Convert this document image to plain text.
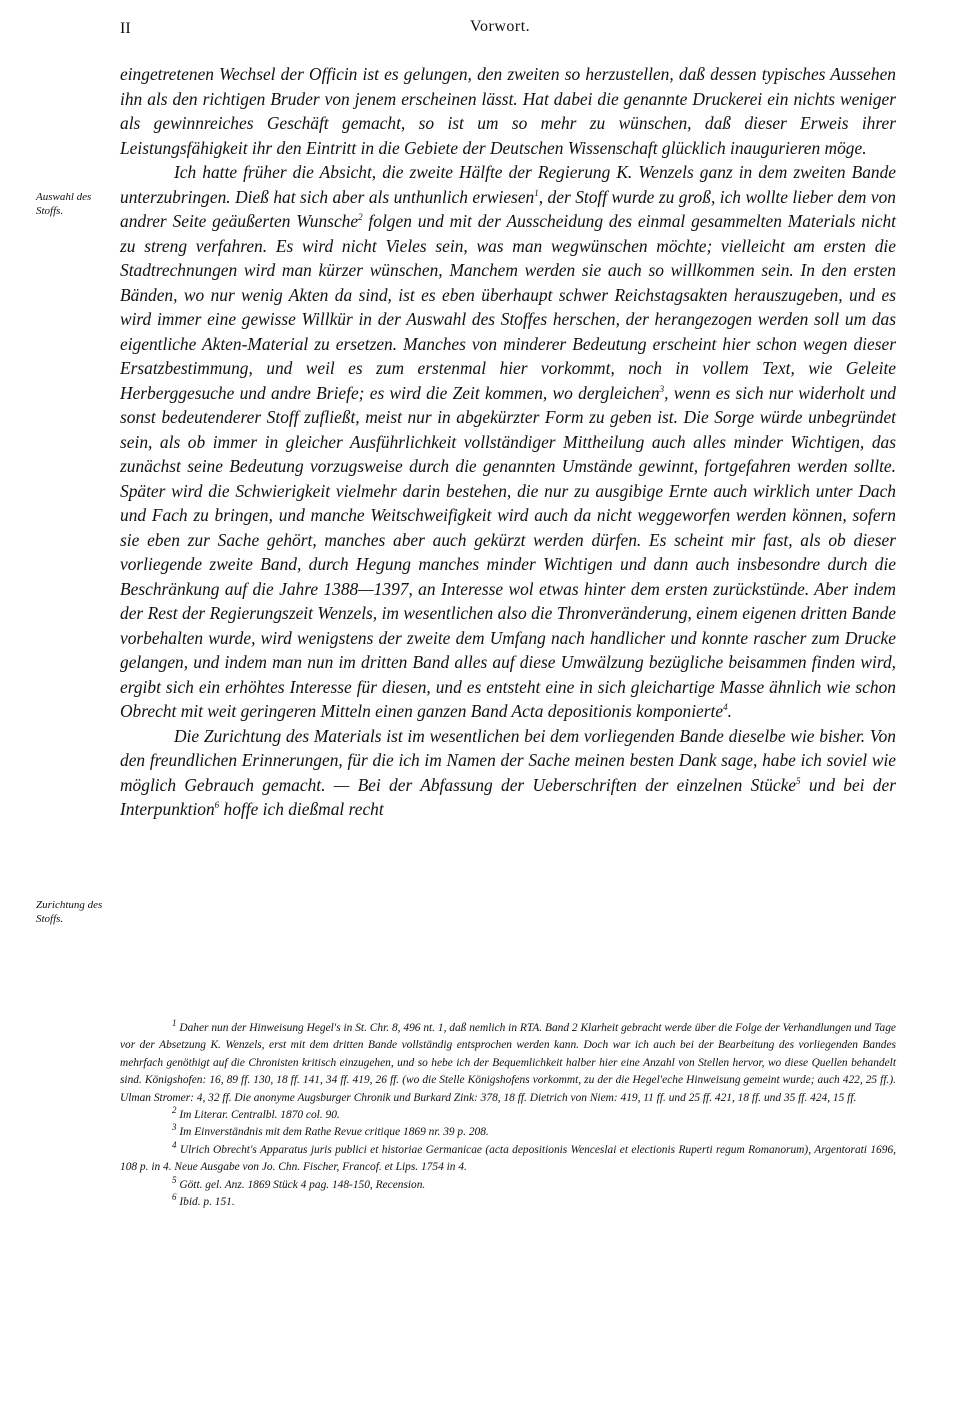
II	Vorwort.
Auswahl des Stoffs.
Zurichtung des Stoffs.

eingetretenen Wechsel der Officin ist es gelungen, den zweiten so herzustellen, daß dessen typisches Aussehen ihn als den richtigen Bruder von jenem erscheinen lässt. Hat dabei die genannte Druckerei ein nichts weniger als gewinnreiches Geschäft gemacht, so ist um so mehr zu wünschen, daß dieser Erweis ihrer Leistungsfähigkeit ihr den Eintritt in die Gebiete der Deutschen Wissenschaft glücklich inaugurieren möge.

Ich hatte früher die Absicht, die zweite Hälfte der Regierung K. Wenzels ganz in dem zweiten Bande unterzubringen. Dieß hat sich aber als unthunlich erwiesen$^1$, der Stoff wurde zu groß, ich wollte lieber dem von andrer Seite geäußerten Wunsche$^2$ folgen und mit der Ausscheidung des einmal gesammelten Materials nicht zu streng verfahren. Es wird nicht Vieles sein, was man wegwünschen möchte; vielleicht am ersten die Stadtrechnungen wird man kürzer wünschen, Manchem werden sie auch so willkommen sein. In den ersten Bänden, wo nur wenig Akten da sind, ist es eben überhaupt schwer Reichstagsakten herauszugeben, und es wird immer eine gewisse Willkür in der Auswahl des Stoffes herschen, der herangezogen werden soll um das eigentliche Akten-Material zu ersetzen. Manches von minderer Bedeutung erscheint hier schon wegen dieser Ersatzbestimmung, und weil es zum erstenmal hier vorkommt, noch in vollem Text, wie Geleite Herberggesuche und andre Briefe; es wird die Zeit kommen, wo dergleichen$^3$, wenn es sich nur widerholt und sonst bedeutenderer Stoff zufließt, meist nur in abgekürzter Form zu geben ist. Die Sorge würde unbegründet sein, als ob immer in gleicher Ausführlichkeit vollständiger Mittheilung auch alles minder Wichtigen, das zunächst seine Bedeutung vorzugsweise durch die genannten Umstände gewinnt, fortgefahren werden sollte. Später wird die Schwierigkeit vielmehr darin bestehen, die nur zu ausgibige Ernte auch wirklich unter Dach und Fach zu bringen, und manche Weitschweifigkeit wird auch da nicht weggeworfen werden können, sofern sie eben zur Sache gehört, manches aber auch gekürzt werden dürfen. Es scheint mir fast, als ob dieser vorliegende zweite Band, durch Hegung manches minder Wichtigen und dann auch insbesondre durch die Beschränkung auf die Jahre 1388—1397, an Interesse wol etwas hinter dem ersten zurückstünde. Aber indem der Rest der Regierungszeit Wenzels, im wesentlichen also die Thronveränderung, einem eigenen dritten Bande vorbehalten wurde, wird wenigstens der zweite dem Umfang nach handlicher und konnte rascher zum Drucke gelangen, und indem man nun im dritten Band alles auf diese Umwälzung bezügliche beisammen finden wird, ergibt sich ein erhöhtes Interesse für diesen, und es entsteht eine in sich gleichartige Masse ähnlich wie schon Obrecht mit weit geringeren Mitteln einen ganzen Band Acta depositionis komponierte$^4$.

Die Zurichtung des Materials ist im wesentlichen bei dem vorliegenden Bande dieselbe wie bisher. Von den freundlichen Erinnerungen, für die ich im Namen der Sache meinen besten Dank sage, habe ich soviel wie möglich Gebrauch gemacht. — Bei der Abfassung der Ueberschriften der einzelnen Stücke$^5$ und bei der Interpunktion$^6$ hoffe ich dießmal recht

$^1$ Daher nun der Hinweisung Hegel's in St. Chr. 8, 496 nt. 1, daß nemlich in RTA. Band 2 Klarheit gebracht werde über die Folge der Verhandlungen und Tage vor der Absetzung K. Wenzels, erst mit dem dritten Bande vollständig entsprochen werden kann. Doch war ich auch bei der Bearbeitung des vorliegenden Bandes mehrfach genöthigt auf die Chronisten kritisch einzugehen, und so hebe ich der Bequemlichkeit halber hier eine Anzahl von Stellen hervor, wo diese Quellen behandelt sind. Königshofen: 16, 89 ff. 130, 18 ff. 141, 34 ff. 419, 26 ff. (wo die Stelle Königshofens vorkommt, zu der die Hegel'eche Hinweisung gemeint wurde; auch 422, 25 ff.). Ulman Stromer: 4, 32 ff. Die anonyme Augsburger Chronik und Burkard Zink: 378, 18 ff. Dietrich von Niem: 419, 11 ff. und 25 ff. 421, 18 ff. und 35 ff. 424, 15 ff.

$^2$ Im Literar. Centralbl. 1870 col. 90.

$^3$ Im Einverständnis mit dem Rathe Revue critique 1869 nr. 39 p. 208.

$^4$ Ulrich Obrecht's Apparatus juris publici et historiae Germanicae (acta depositionis Wenceslai et electionis Ruperti regum Romanorum), Argentorati 1696, 108 p. in 4. Neue Ausgabe von Jo. Chn. Fischer, Francof. et Lips. 1754 in 4.

$^5$ Gött. gel. Anz. 1869 Stück 4 pag. 148-150, Recension.

$^6$ Ibid. p. 151.
